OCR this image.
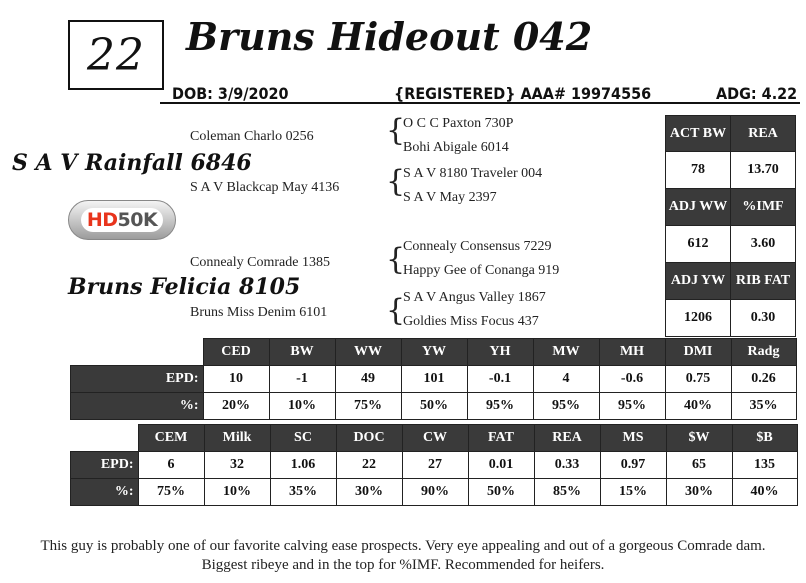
22 Bruns Hideout 042
DOB: 3/9/2020	{REGISTERED} AAA# 19974556	ADG: 4.22
Coleman Charlo 0256
S A V Rainfall 6846
S A V Blackcap May 4136
{
O C C Paxton 730P
Bohi Abigale 6014
{
S A V 8180 Traveler 004
S A V May 2397
HD50K
Connealy Comrade 1385
Bruns Felicia 8105
Bruns Miss Denim 6101
{
Connealy Consensus 7229
Happy Gee of Conanga 919
{
S A V Angus Valley 1867
Goldies Miss Focus 437
ACT BW	REA
78	13.70
ADJ WW	%IMF
612	3.60
ADJ YW	RIB FAT
1206	0.30
	CED	BW	WW	YW	YH	MW	MH	DMI	Radg
EPD:	10	-1	49	101	-0.1	4	-0.6	0.75	0.26
%:	20%	10%	75%	50%	95%	95%	95%	40%	35%
	CEM	Milk	SC	DOC	CW	FAT	REA	MS	$W	$B
EPD:	6	32	1.06	22	27	0.01	0.33	0.97	65	135
%:	75%	10%	35%	30%	90%	50%	85%	15%	30%	40%
This guy is probably one of our favorite calving ease prospects. Very eye appealing and out of a gorgeous Comrade dam. Biggest ribeye and in the top for %IMF. Recommended for heifers.
